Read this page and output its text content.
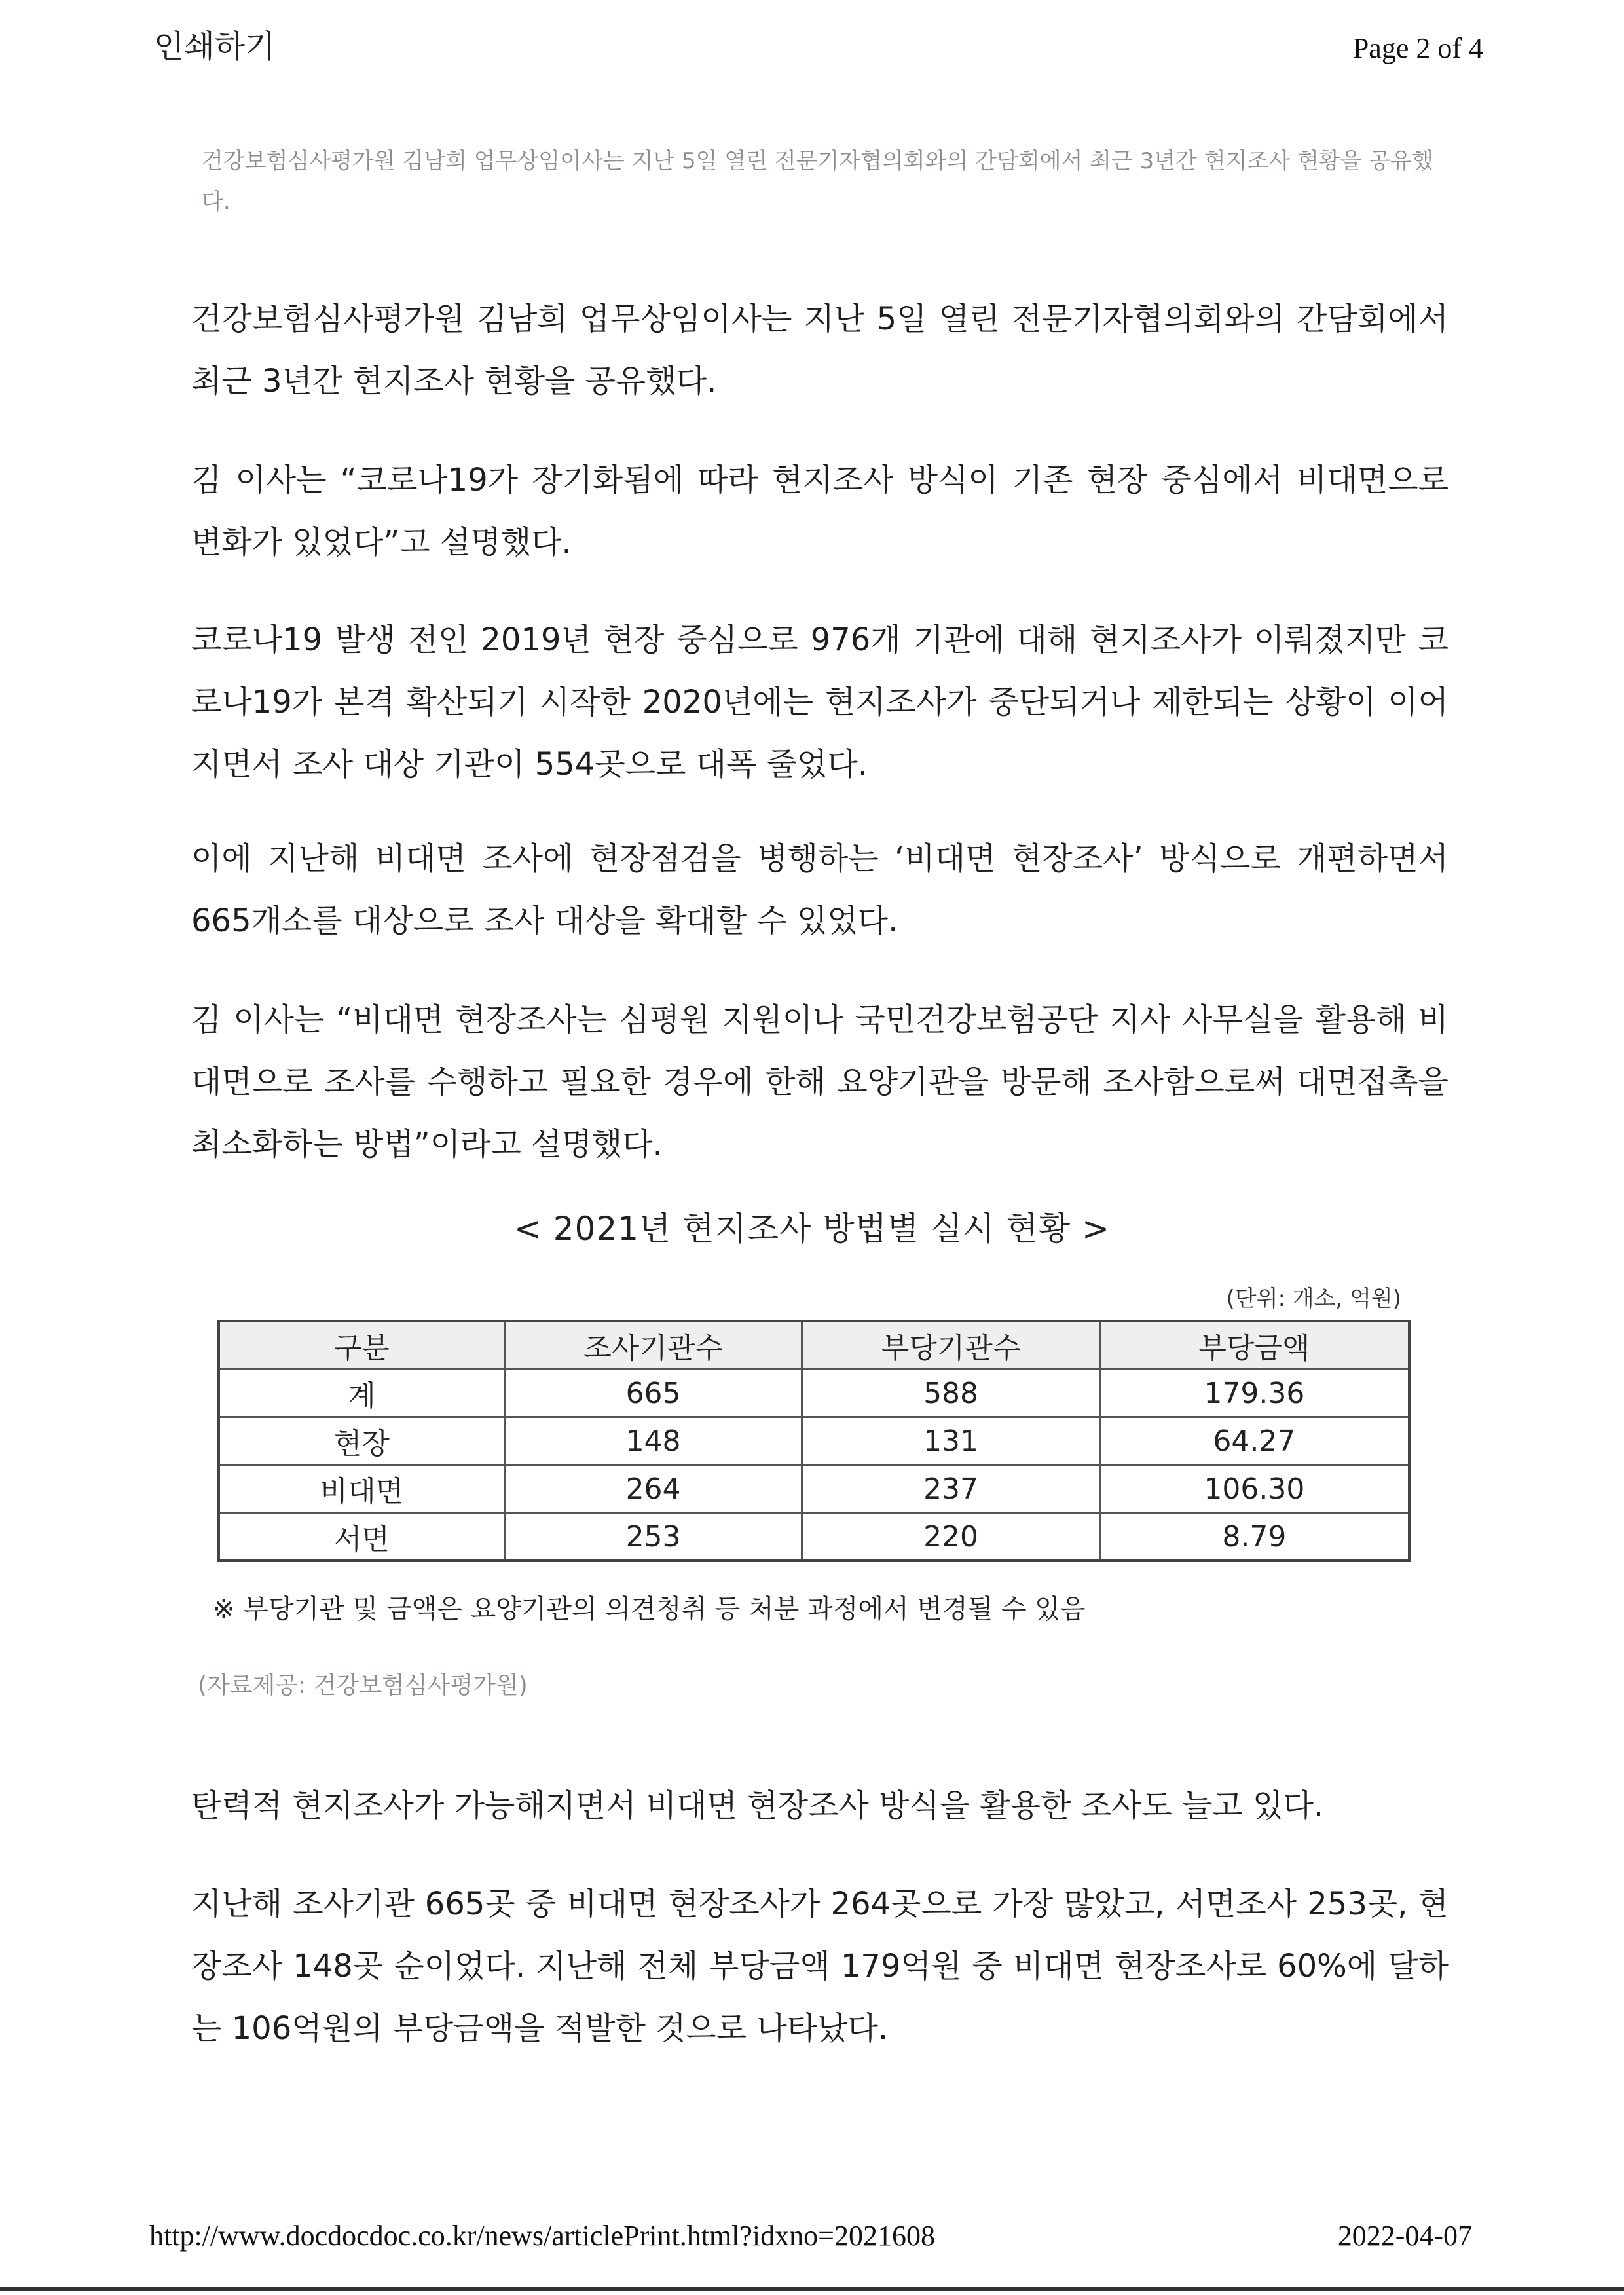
인쇄하기	Page 2 of 4
건강보험심사평가원 김남희 업무상임이사는 지난 5일 열린 전문기자협의회와의 간담회에서 최근 3년간 현지조사 현황을 공유했다.
건강보험심사평가원 김남희 업무상임이사는 지난 5일 열린 전문기자협의회와의 간담회에서 최근 3년간 현지조사 현황을 공유했다.
김 이사는 “코로나19가 장기화됨에 따라 현지조사 방식이 기존 현장 중심에서 비대면으로 변화가 있었다”고 설명했다.
코로나19 발생 전인 2019년 현장 중심으로 976개 기관에 대해 현지조사가 이뤄졌지만 코로나19가 본격 확산되기 시작한 2020년에는 현지조사가 중단되거나 제한되는 상황이 이어지면서 조사 대상 기관이 554곳으로 대폭 줄었다.
이에 지난해 비대면 조사에 현장점검을 병행하는 ‘비대면 현장조사’ 방식으로 개편하면서 665개소를 대상으로 조사 대상을 확대할 수 있었다.
김 이사는 “비대면 현장조사는 심평원 지원이나 국민건강보험공단 지사 사무실을 활용해 비대면으로 조사를 수행하고 필요한 경우에 한해 요양기관을 방문해 조사함으로써 대면접촉을 최소화하는 방법”이라고 설명했다.
< 2021년 현지조사 방법별 실시 현황 >
(단위: 개소, 억원)
구분	조사기관수	부당기관수	부당금액
계	665	588	179.36
현장	148	131	64.27
비대면	264	237	106.30
서면	253	220	8.79
※ 부당기관 및 금액은 요양기관의 의견청취 등 처분 과정에서 변경될 수 있음
(자료제공: 건강보험심사평가원)
탄력적 현지조사가 가능해지면서 비대면 현장조사 방식을 활용한 조사도 늘고 있다.
지난해 조사기관 665곳 중 비대면 현장조사가 264곳으로 가장 많았고, 서면조사 253곳, 현장조사 148곳 순이었다. 지난해 전체 부당금액 179억원 중 비대면 현장조사로 60%에 달하는 106억원의 부당금액을 적발한 것으로 나타났다.
http://www.docdocdoc.co.kr/news/articlePrint.html?idxno=2021608	2022-04-07
